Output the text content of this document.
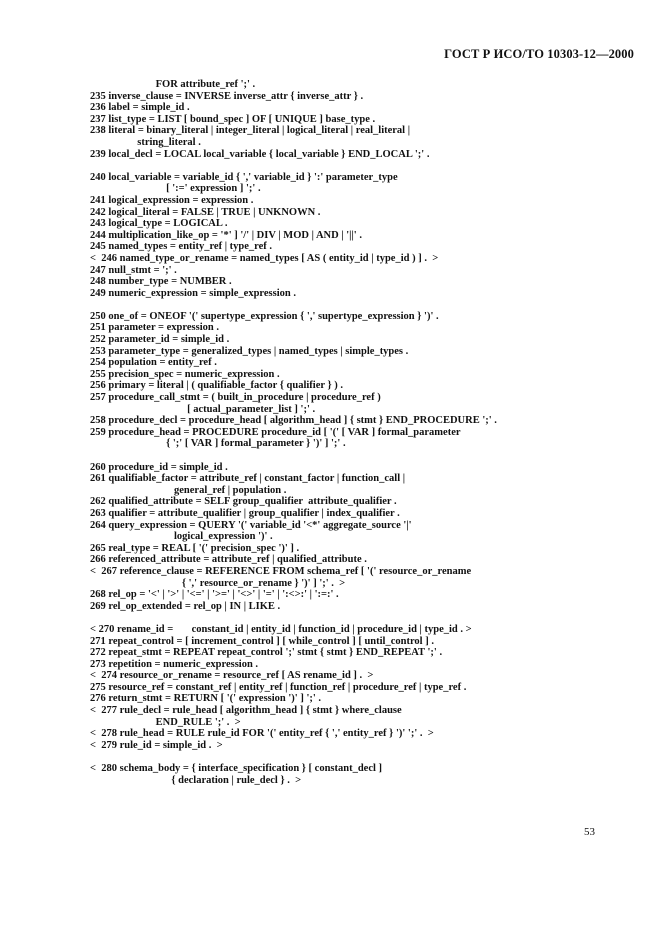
ГОСТ Р ИСО/ТО 10303-12—2000
FOR attribute_ref ';' .
235 inverse_clause = INVERSE inverse_attr { inverse_attr } .
236 label = simple_id .
237 list_type = LIST [ bound_spec ] OF [ UNIQUE ] base_type .
238 literal = binary_literal | integer_literal | logical_literal | real_literal |
string_literal .
239 local_decl = LOCAL local_variable { local_variable } END_LOCAL ';' .
240 local_variable = variable_id { ',' variable_id } ':' parameter_type
[ ':=' expression ] ';' .
241 logical_expression = expression .
242 logical_literal = FALSE | TRUE | UNKNOWN .
243 logical_type = LOGICAL .
244 multiplication_like_op = '*' ] '/' | DIV | MOD | AND | '||' .
245 named_types = entity_ref | type_ref .
<  246 named_type_or_rename = named_types [ AS ( entity_id | type_id ) ] .  >
247 null_stmt = ';' .
248 number_type = NUMBER .
249 numeric_expression = simple_expression .
250 one_of = ONEOF '(' supertype_expression { ',' supertype_expression } ')' .
251 parameter = expression .
252 parameter_id = simple_id .
253 parameter_type = generalized_types | named_types | simple_types .
254 population = entity_ref .
255 precision_spec = numeric_expression .
256 primary = literal | ( qualifiable_factor { qualifier } ) .
257 procedure_call_stmt = ( built_in_procedure | procedure_ref )
[ actual_parameter_list ] ';' .
258 procedure_decl = procedure_head [ algorithm_head ] { stmt } END_PROCEDURE ';' .
259 procedure_head = PROCEDURE procedure_id [ '(' [ VAR ] formal_parameter
{ ';' [ VAR ] formal_parameter } ')' ] ';' .
260 procedure_id = simple_id .
261 qualifiable_factor = attribute_ref | constant_factor | function_call |
general_ref | population .
262 qualified_attribute = SELF group_qualifier  attribute_qualifier .
263 qualifier = attribute_qualifier | group_qualifier | index_qualifier .
264 query_expression = QUERY '(' variable_id '<*' aggregate_source '|'
logical_expression ')' .
265 real_type = REAL [ '(' precision_spec ')' ] .
266 referenced_attribute = attribute_ref | qualified_attribute .
<  267 reference_clause = REFERENCE FROM schema_ref [ '(' resource_or_rename
{ ',' resource_or_rename } ')' ] ';' .  >
268 rel_op = '<' | '>' | '<=' | '>=' | '<>' | '=' | ':<>:' | ':=:' .
269 rel_op_extended = rel_op | IN | LIKE .
< 270 rename_id =       constant_id | entity_id | function_id | procedure_id | type_id . >
271 repeat_control = [ increment_control ] [ while_control ] [ until_control ] .
272 repeat_stmt = REPEAT repeat_control ';' stmt { stmt } END_REPEAT ';' .
273 repetition = numeric_expression .
<  274 resource_or_rename = resource_ref [ AS rename_id ] .  >
275 resource_ref = constant_ref | entity_ref | function_ref | procedure_ref | type_ref .
276 return_stmt = RETURN [ '(' expression ')' ] ';' .
<  277 rule_decl = rule_head [ algorithm_head ] { stmt } where_clause
END_RULE ';' .  >
<  278 rule_head = RULE rule_id FOR '(' entity_ref { ',' entity_ref } ')' ';' .  >
<  279 rule_id = simple_id .  >
<  280 schema_body = { interface_specification } [ constant_decl ]
{ declaration | rule_decl } .  >
53
